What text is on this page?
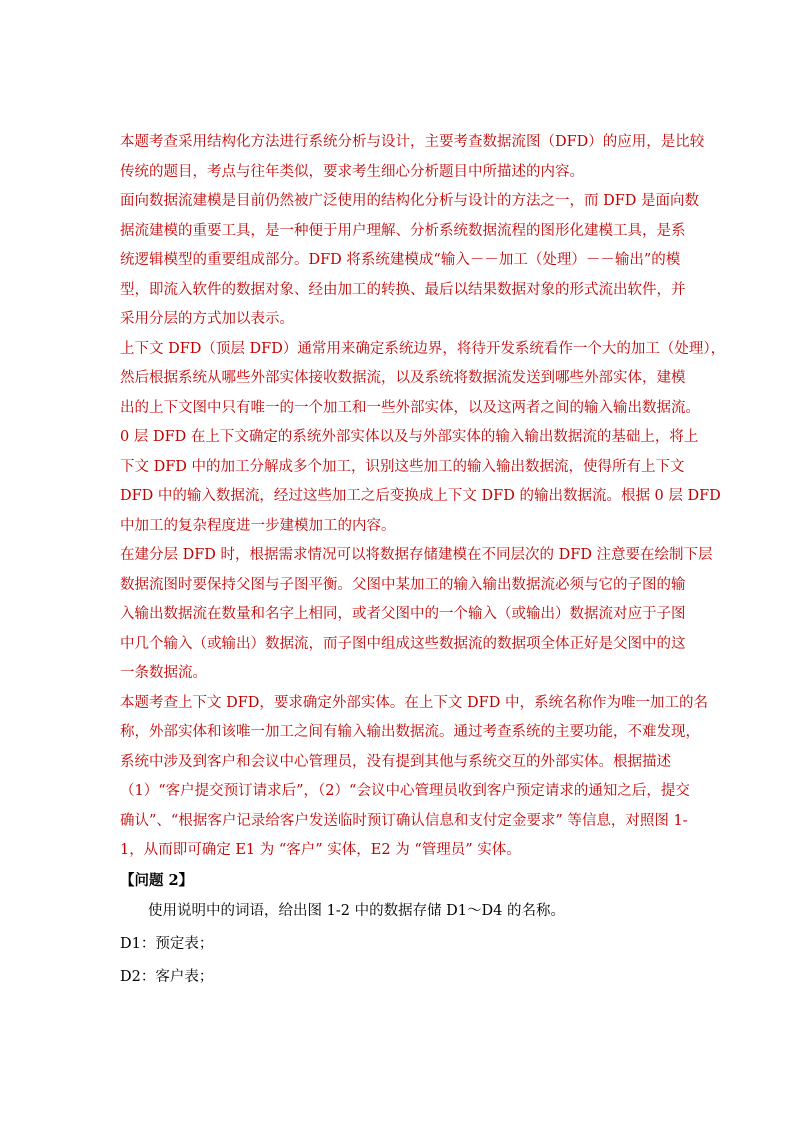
本题考查采用结构化方法进行系统分析与设计，主要考查数据流图（DFD）的应用，是比较
传统的题目，考点与往年类似，要求考生细心分析题目中所描述的内容。
面向数据流建模是目前仍然被广泛使用的结构化分析与设计的方法之一，而 DFD 是面向数
据流建模的重要工具，是一种便于用户理解、分析系统数据流程的图形化建模工具，是系
统逻辑模型的重要组成部分。DFD 将系统建模成“输入－－加工（处理）－－输出”的模
型，即流入软件的数据对象、经由加工的转换、最后以结果数据对象的形式流出软件，并
采用分层的方式加以表示。
上下文 DFD（顶层 DFD）通常用来确定系统边界，将待开发系统看作一个大的加工（处理），
然后根据系统从哪些外部实体接收数据流，以及系统将数据流发送到哪些外部实体，建模
出的上下文图中只有唯一的一个加工和一些外部实体，以及这两者之间的输入输出数据流。
0 层 DFD 在上下文确定的系统外部实体以及与外部实体的输入输出数据流的基础上，将上
下文 DFD 中的加工分解成多个加工，识别这些加工的输入输出数据流，使得所有上下文
DFD 中的输入数据流，经过这些加工之后变换成上下文 DFD 的输出数据流。根据 0 层 DFD
中加工的复杂程度进一步建模加工的内容。
在建分层 DFD 时，根据需求情况可以将数据存储建模在不同层次的 DFD 注意要在绘制下层
数据流图时要保持父图与子图平衡。父图中某加工的输入输出数据流必须与它的子图的输
入输出数据流在数量和名字上相同，或者父图中的一个输入（或输出）数据流对应于子图
中几个输入（或输出）数据流，而子图中组成这些数据流的数据项全体正好是父图中的这
一条数据流。
本题考查上下文 DFD，要求确定外部实体。在上下文 DFD 中，系统名称作为唯一加工的名
称，外部实体和该唯一加工之间有输入输出数据流。通过考查系统的主要功能，不难发现，
系统中涉及到客户和会议中心管理员，没有提到其他与系统交互的外部实体。根据描述
（1）“客户提交预订请求后”，（2）“会议中心管理员收到客户预定请求的通知之后，提交
确认”、“根据客户记录给客户发送临时预订确认信息和支付定金要求” 等信息，对照图 1-
1，从而即可确定 E1 为 “客户” 实体，E2 为 “管理员” 实体。

【问题 2】

使用说明中的词语，给出图 1-2 中的数据存储 D1～D4 的名称。

D1：预定表；

D2：客户表；
